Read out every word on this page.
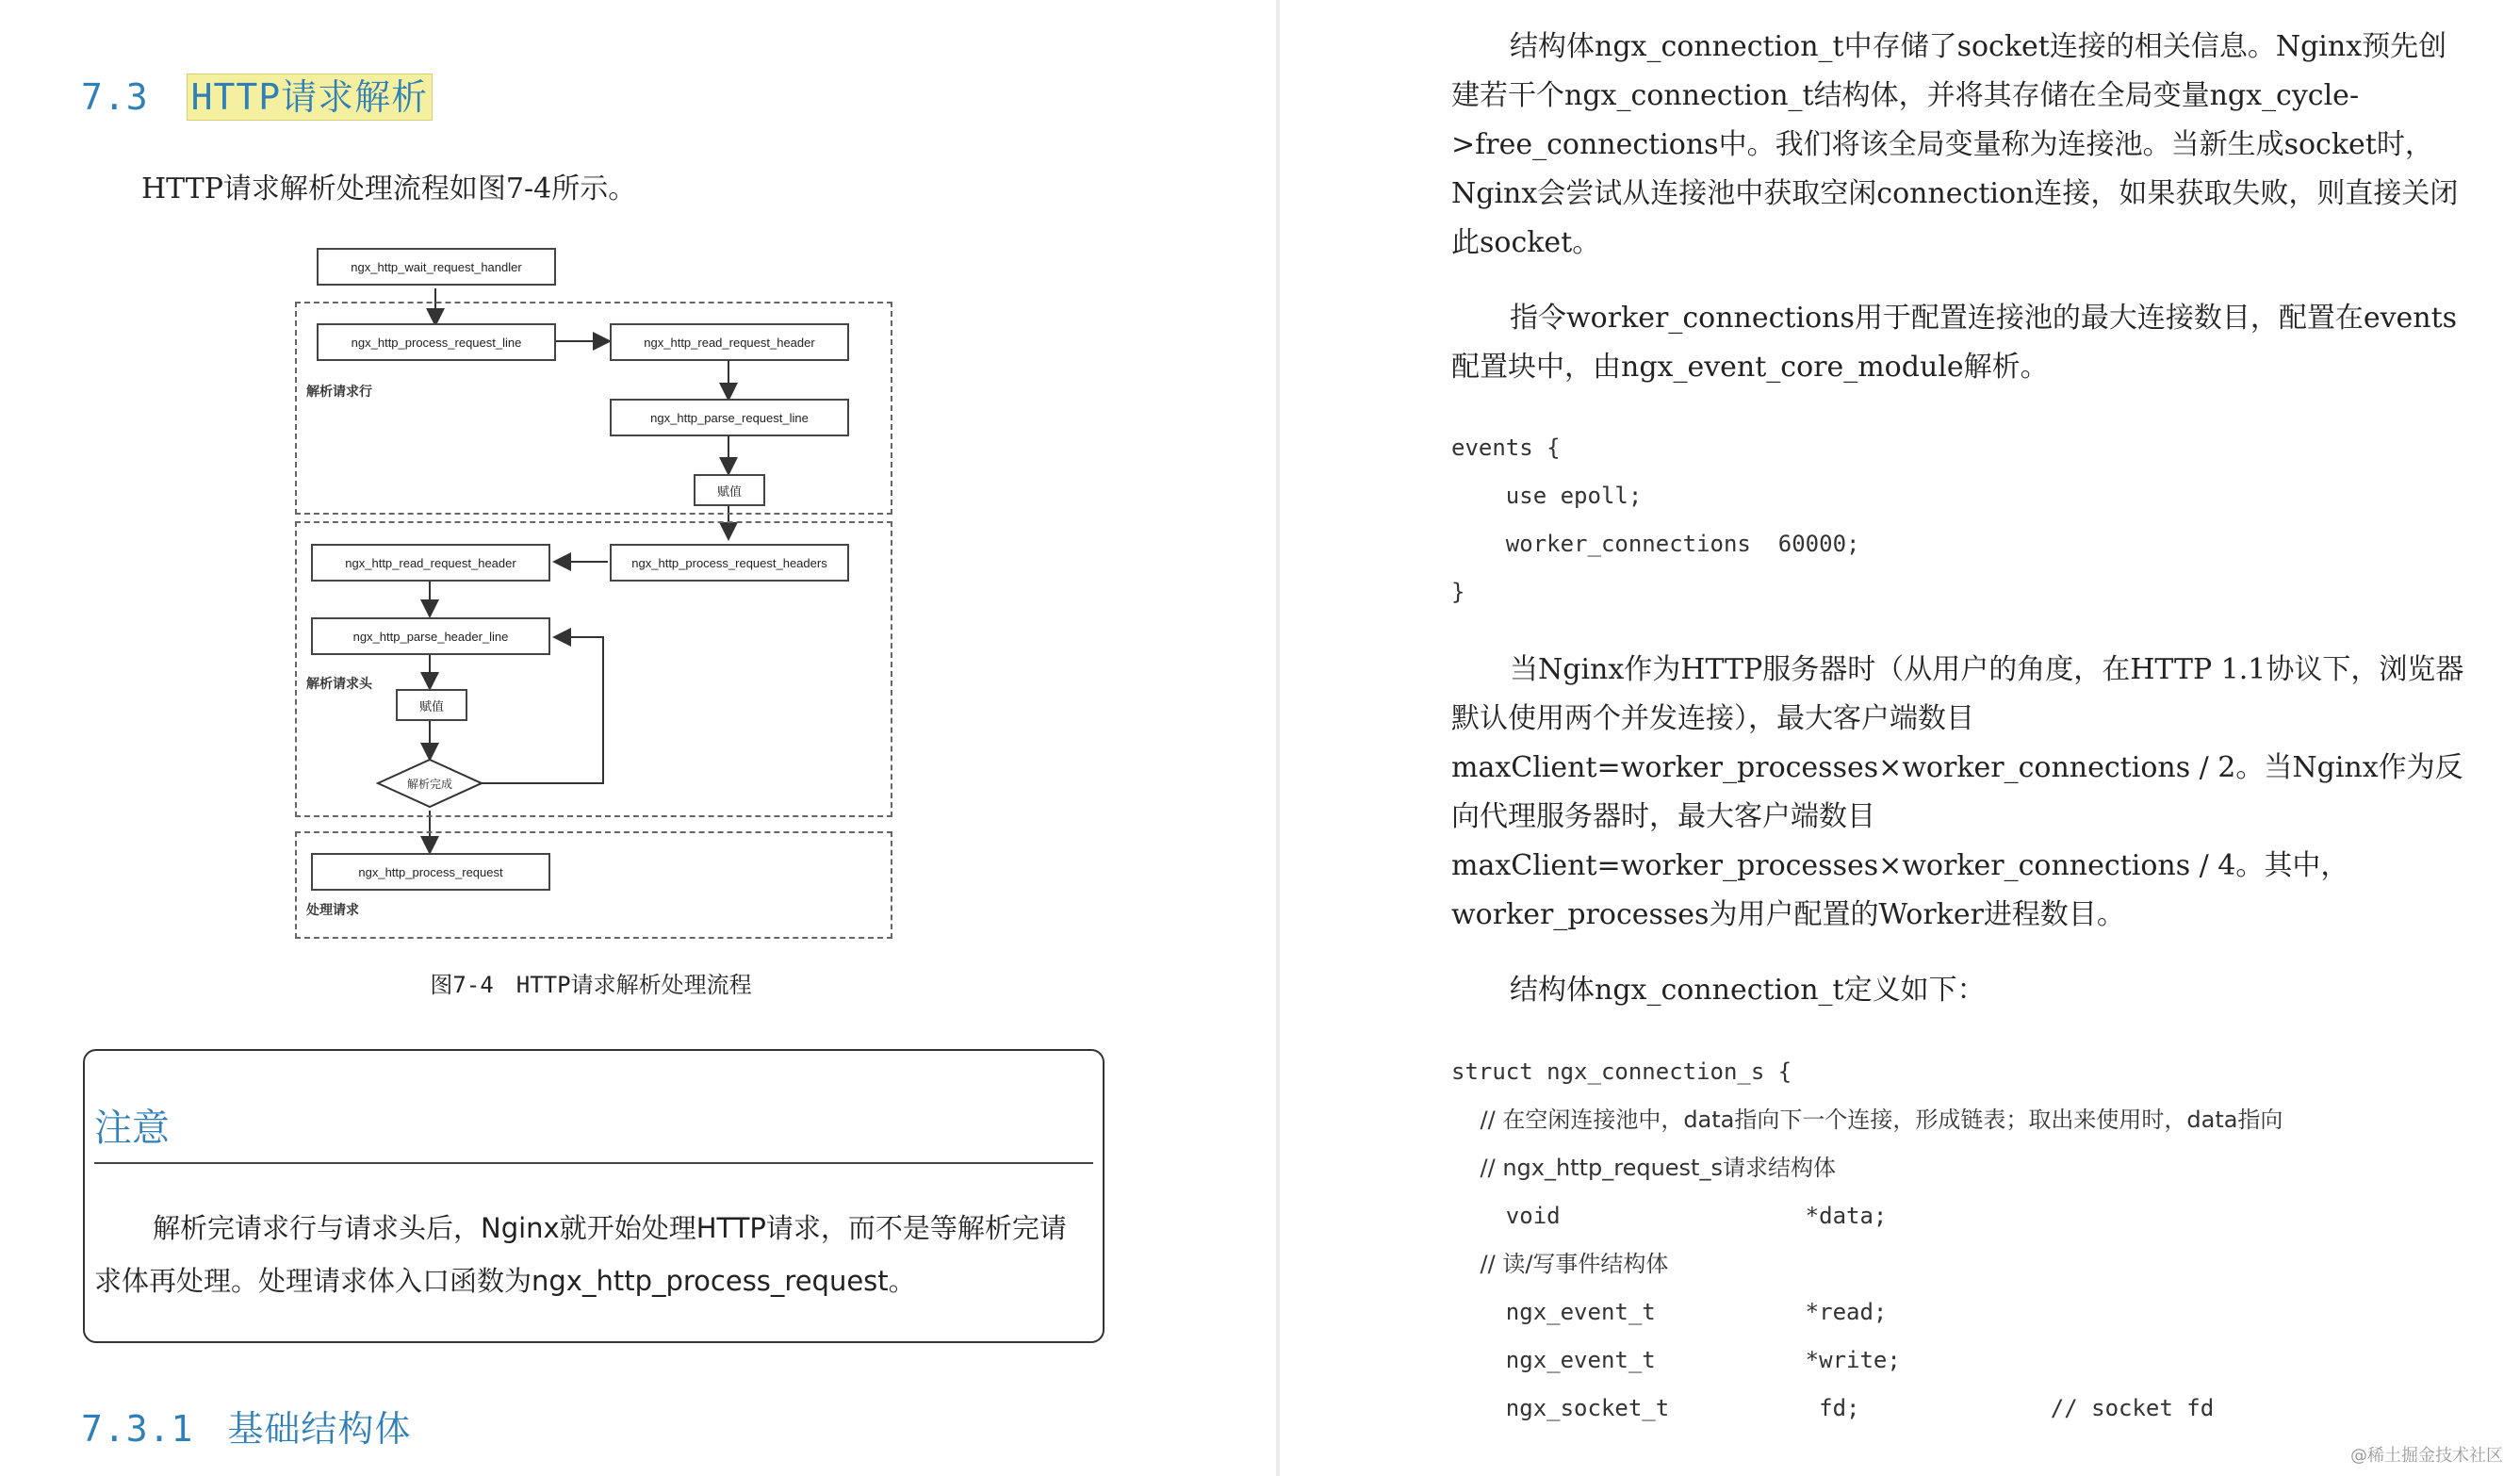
7.3 HTTP请求解析
HTTP请求解析处理流程如图7-4所示。
解析请求行
解析请求头
处理请求
ngx_http_wait_request_handler
ngx_http_process_request_line	ngx_http_read_request_header
ngx_http_parse_request_line
赋值
ngx_http_process_request_headers
ngx_http_read_request_header
ngx_http_parse_header_line
赋值
解析完成
ngx_http_process_request
图7-4　HTTP请求解析处理流程
注意
解析完请求行与请求头后，Nginx就开始处理HTTP请求，而不是等解析完请求体再处理。处理请求体入口函数为ngx_http_process_request。
7.3.1 基础结构体
结构体ngx_connection_t中存储了socket连接的相关信息。Nginx预先创建若干个ngx_connection_t结构体，并将其存储在全局变量ngx_cycle->free_connections中。我们将该全局变量称为连接池。当新生成socket时，Nginx会尝试从连接池中获取空闲connection连接，如果获取失败，则直接关闭此socket。
指令worker_connections用于配置连接池的最大连接数目，配置在events配置块中，由ngx_event_core_module解析。
events {
use epoll;
worker_connections  60000;
}
当Nginx作为HTTP服务器时（从用户的角度，在HTTP 1.1协议下，浏览器默认使用两个并发连接），最大客户端数目maxClient=worker_processes×worker_connections / 2。当Nginx作为反向代理服务器时，最大客户端数目maxClient=worker_processes×worker_connections / 4。其中，worker_processes为用户配置的Worker进程数目。
结构体ngx_connection_t定义如下：
struct ngx_connection_s {
// 在空闲连接池中，data指向下一个连接，形成链表；取出来使用时，data指向
// ngx_http_request_s请求结构体
void                  *data;
// 读/写事件结构体
ngx_event_t           *read;
ngx_event_t           *write;
ngx_socket_t           fd;              // socket fd
@稀土掘金技术社区
